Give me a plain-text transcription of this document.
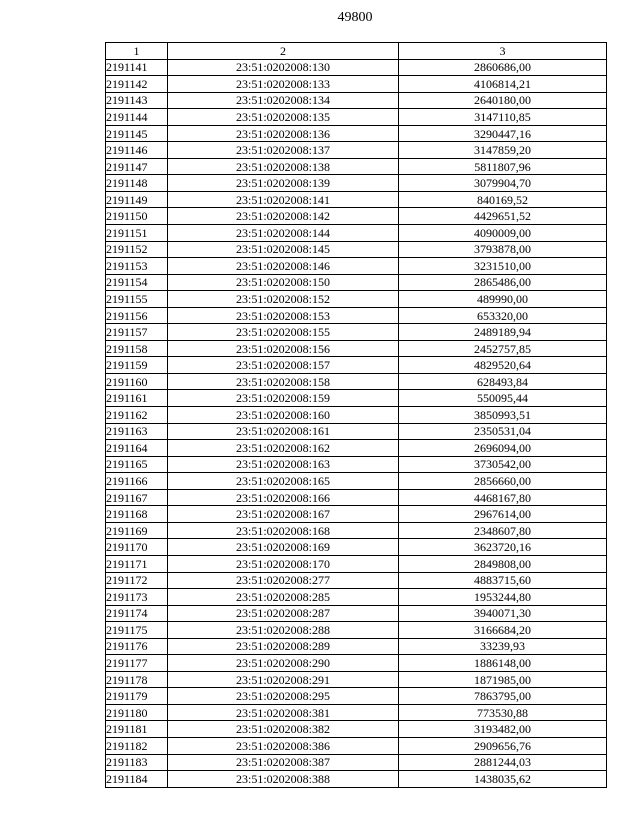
49800
1	2	3
2191141	23:51:0202008:130	2860686,00
2191142	23:51:0202008:133	4106814,21
2191143	23:51:0202008:134	2640180,00
2191144	23:51:0202008:135	3147110,85
2191145	23:51:0202008:136	3290447,16
2191146	23:51:0202008:137	3147859,20
2191147	23:51:0202008:138	5811807,96
2191148	23:51:0202008:139	3079904,70
2191149	23:51:0202008:141	840169,52
2191150	23:51:0202008:142	4429651,52
2191151	23:51:0202008:144	4090009,00
2191152	23:51:0202008:145	3793878,00
2191153	23:51:0202008:146	3231510,00
2191154	23:51:0202008:150	2865486,00
2191155	23:51:0202008:152	489990,00
2191156	23:51:0202008:153	653320,00
2191157	23:51:0202008:155	2489189,94
2191158	23:51:0202008:156	2452757,85
2191159	23:51:0202008:157	4829520,64
2191160	23:51:0202008:158	628493,84
2191161	23:51:0202008:159	550095,44
2191162	23:51:0202008:160	3850993,51
2191163	23:51:0202008:161	2350531,04
2191164	23:51:0202008:162	2696094,00
2191165	23:51:0202008:163	3730542,00
2191166	23:51:0202008:165	2856660,00
2191167	23:51:0202008:166	4468167,80
2191168	23:51:0202008:167	2967614,00
2191169	23:51:0202008:168	2348607,80
2191170	23:51:0202008:169	3623720,16
2191171	23:51:0202008:170	2849808,00
2191172	23:51:0202008:277	4883715,60
2191173	23:51:0202008:285	1953244,80
2191174	23:51:0202008:287	3940071,30
2191175	23:51:0202008:288	3166684,20
2191176	23:51:0202008:289	33239,93
2191177	23:51:0202008:290	1886148,00
2191178	23:51:0202008:291	1871985,00
2191179	23:51:0202008:295	7863795,00
2191180	23:51:0202008:381	773530,88
2191181	23:51:0202008:382	3193482,00
2191182	23:51:0202008:386	2909656,76
2191183	23:51:0202008:387	2881244,03
2191184	23:51:0202008:388	1438035,62
